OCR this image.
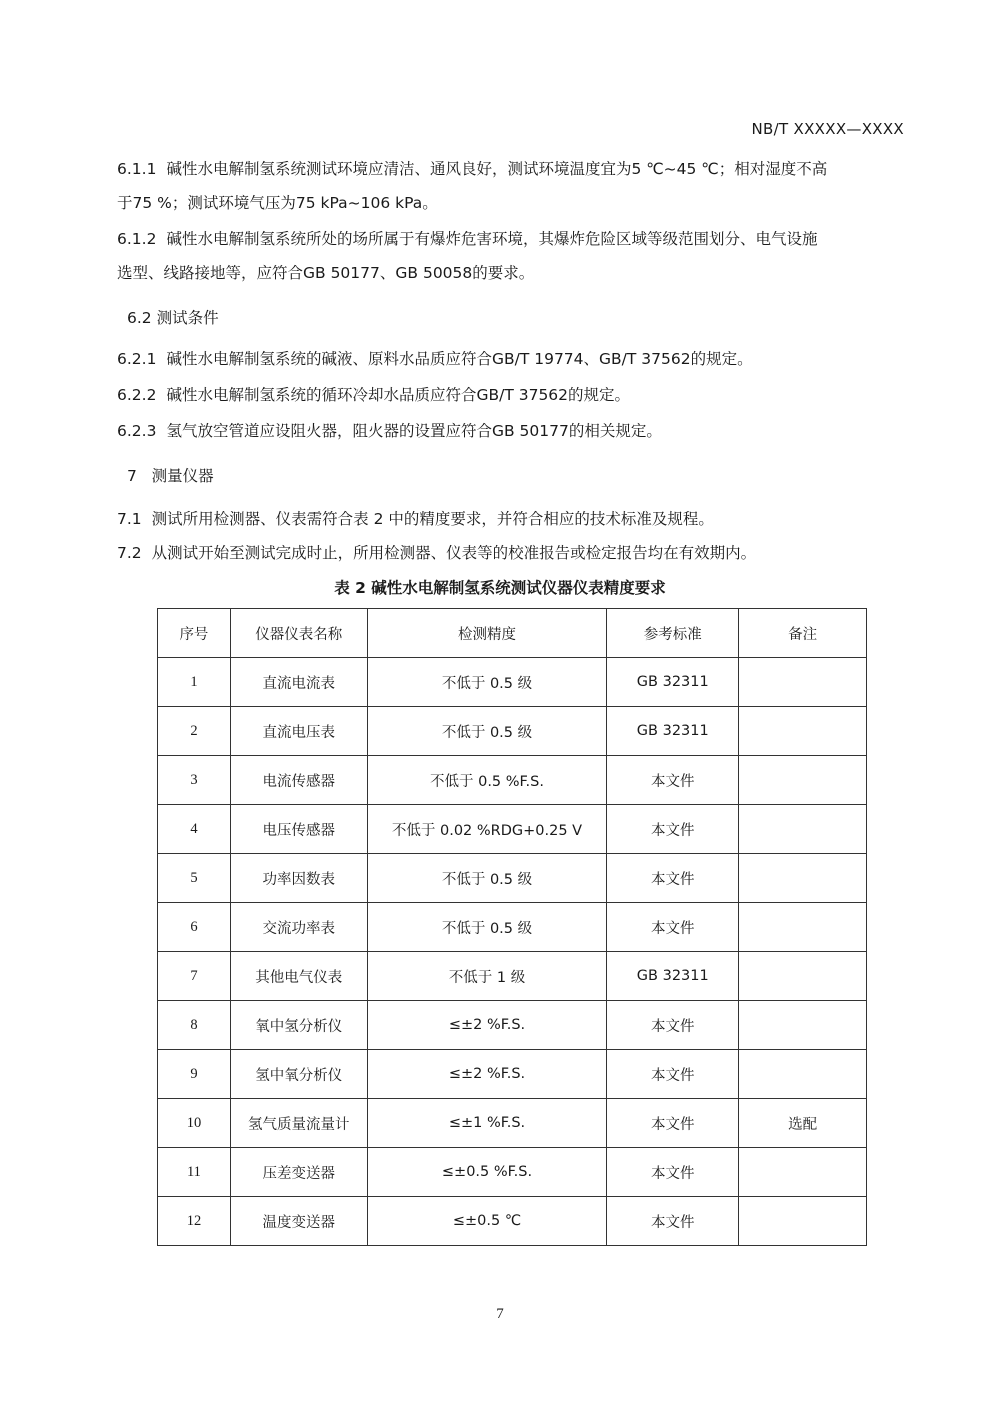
NB/T XXXXX—XXXX
6.1.1 碱性水电解制氢系统测试环境应清洁、通风良好，测试环境温度宜为5 ℃~45 ℃；相对湿度不高
于75 %；测试环境气压为75 kPa~106 kPa。
6.1.2 碱性水电解制氢系统所处的场所属于有爆炸危害环境，其爆炸危险区域等级范围划分、电气设施
选型、线路接地等，应符合GB 50177、GB 50058的要求。
6.2 测试条件
6.2.1 碱性水电解制氢系统的碱液、原料水品质应符合GB/T 19774、GB/T 37562的规定。
6.2.2 碱性水电解制氢系统的循环冷却水品质应符合GB/T 37562的规定。
6.2.3 氢气放空管道应设阻火器，阻火器的设置应符合GB 50177的相关规定。
7   测量仪器
7.1 测试所用检测器、仪表需符合表 2 中的精度要求，并符合相应的技术标准及规程。
7.2 从测试开始至测试完成时止，所用检测器、仪表等的校准报告或检定报告均在有效期内。
表 2 碱性水电解制氢系统测试仪器仪表精度要求
序号	仪器仪表名称	检测精度	参考标准	备注
1	直流电流表	不低于 0.5 级	GB 32311	
2	直流电压表	不低于 0.5 级	GB 32311	
3	电流传感器	不低于 0.5 %F.S.	本文件	
4	电压传感器	不低于 0.02 %RDG+0.25 V	本文件	
5	功率因数表	不低于 0.5 级	本文件	
6	交流功率表	不低于 0.5 级	本文件	
7	其他电气仪表	不低于 1 级	GB 32311	
8	氧中氢分析仪	≤±2 %F.S.	本文件	
9	氢中氧分析仪	≤±2 %F.S.	本文件	
10	氢气质量流量计	≤±1 %F.S.	本文件	选配
11	压差变送器	≤±0.5 %F.S.	本文件	
12	温度变送器	≤±0.5 ℃	本文件	
7
